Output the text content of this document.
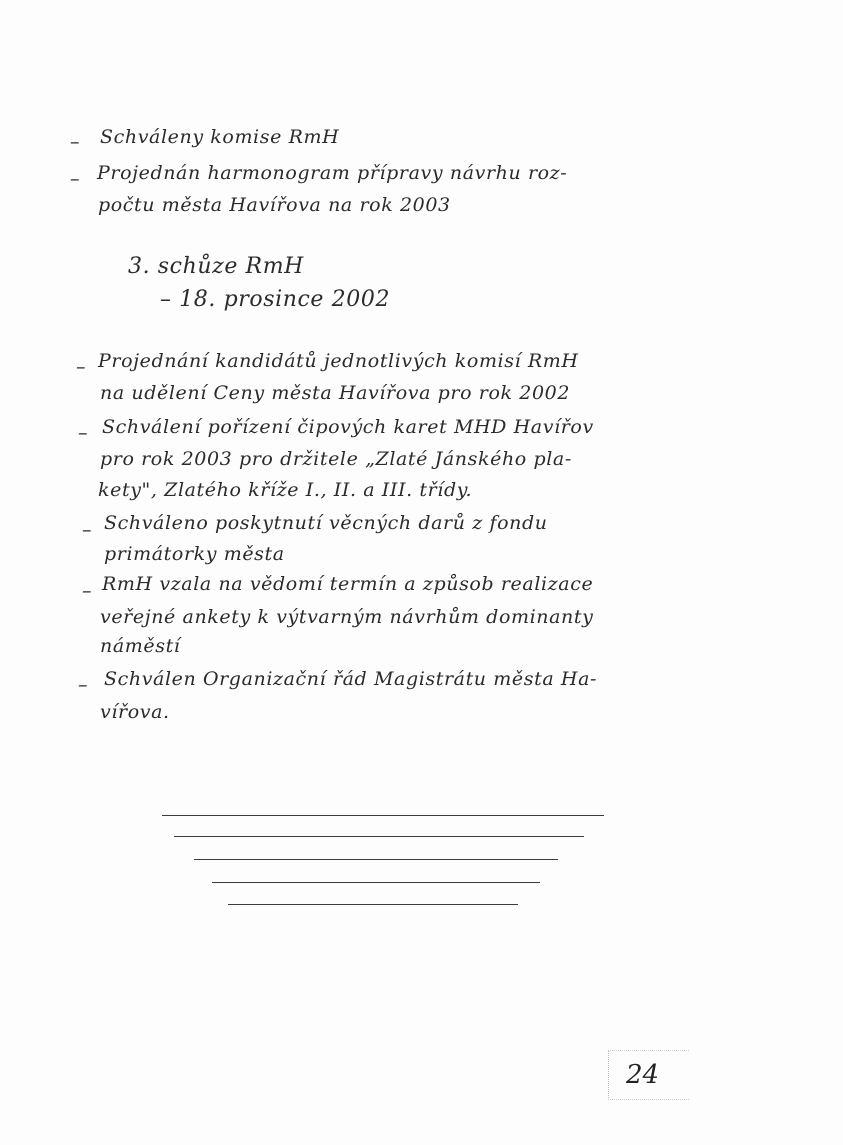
– Schváleny komise RmH
– Projednán harmonogram přípravy návrhu roz-
počtu města Havířova na rok 2003
3. schůze RmH
– 18. prosince 2002
– Projednání kandidátů jednotlivých komisí RmH
na udělení Ceny města Havířova pro rok 2002
– Schválení pořízení čipových karet MHD Havířov
pro rok 2003 pro držitele „Zlaté Jánského pla-
kety", Zlatého kříže I., II. a III. třídy.
– Schváleno poskytnutí věcných darů z fondu
primátorky města
– RmH vzala na vědomí termín a způsob realizace
veřejné ankety k výtvarným návrhům dominanty
náměstí
– Schválen Organizační řád Magistrátu města Ha-
vířova.
24
